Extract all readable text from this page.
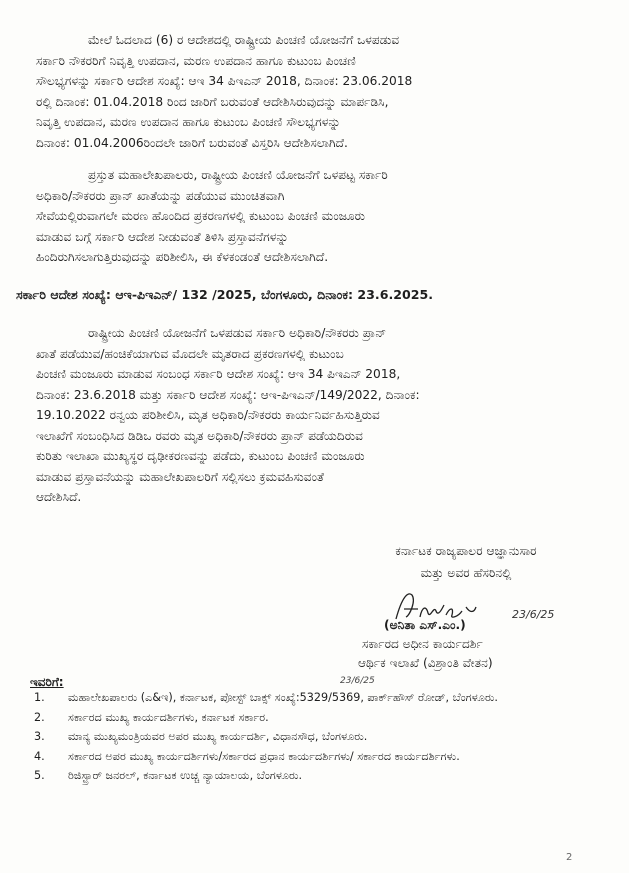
ಮೇಲೆ ಓದಲಾದ (6) ರ ಆದೇಶದಲ್ಲಿ ರಾಷ್ಟ್ರೀಯ ಪಿಂಚಣಿ ಯೋಜನೆಗೆ ಒಳಪಡುವ

ಸರ್ಕಾರಿ ನೌಕರರಿಗೆ ನಿವೃತ್ತಿ ಉಪದಾನ, ಮರಣ ಉಪದಾನ ಹಾಗೂ ಕುಟುಂಬ ಪಿಂಚಣಿ

ಸೌಲಭ್ಯಗಳನ್ನು ಸರ್ಕಾರಿ ಆದೇಶ ಸಂಖ್ಯೆ: ಆಇ 34 ಪಿಇಎನ್ 2018, ದಿನಾಂಕ: 23.06.2018

ರಲ್ಲಿ ದಿನಾಂಕ: 01.04.2018 ರಿಂದ ಜಾರಿಗೆ ಬರುವಂತೆ ಆದೇಶಿಸಿರುವುದನ್ನು ಮಾರ್ಪಡಿಸಿ,

ನಿವೃತ್ತಿ ಉಪದಾನ, ಮರಣ ಉಪದಾನ ಹಾಗೂ ಕುಟುಂಬ ಪಿಂಚಣಿ ಸೌಲಭ್ಯಗಳನ್ನು

ದಿನಾಂಕ: 01.04.2006ರಿಂದಲೇ ಜಾರಿಗೆ ಬರುವಂತೆ ವಿಸ್ತರಿಸಿ ಆದೇಶಿಸಲಾಗಿದೆ.

ಪ್ರಸ್ತುತ ಮಹಾಲೇಖಪಾಲರು, ರಾಷ್ಟ್ರೀಯ ಪಿಂಚಣಿ ಯೋಜನೆಗೆ ಒಳಪಟ್ಟ ಸರ್ಕಾರಿ

ಅಧಿಕಾರಿ/ನೌಕರರು ಪ್ರಾನ್ ಖಾತೆಯನ್ನು ಪಡೆಯುವ ಮುಂಚಿತವಾಗಿ

ಸೇವೆಯಲ್ಲಿರುವಾಗಲೇ ಮರಣ ಹೊಂದಿದ ಪ್ರಕರಣಗಳಲ್ಲಿ ಕುಟುಂಬ ಪಿಂಚಣಿ ಮಂಜೂರು

ಮಾಡುವ ಬಗ್ಗೆ ಸರ್ಕಾರಿ ಆದೇಶ ನೀಡುವಂತೆ ತಿಳಿಸಿ ಪ್ರಸ್ತಾವನೆಗಳನ್ನು

ಹಿಂದಿರುಗಿಸಲಾಗುತ್ತಿರುವುದನ್ನು ಪರಿಶೀಲಿಸಿ, ಈ ಕೆಳಕಂಡಂತೆ ಆದೇಶಿಸಲಾಗಿದೆ.

ಸರ್ಕಾರಿ ಆದೇಶ ಸಂಖ್ಯೆ: ಆಇ-ಪಿಇಎನ್/ 132 /2025, ಬೆಂಗಳೂರು, ದಿನಾಂಕ: 23.6.2025.

ರಾಷ್ಟ್ರೀಯ ಪಿಂಚಣಿ ಯೋಜನೆಗೆ ಒಳಪಡುವ ಸರ್ಕಾರಿ ಅಧಿಕಾರಿ/ನೌಕರರು ಪ್ರಾನ್

ಖಾತೆ ಪಡೆಯುವ/ಹಂಚಿಕೆಯಾಗುವ ಮೊದಲೇ ಮೃತರಾದ ಪ್ರಕರಣಗಳಲ್ಲಿ ಕುಟುಂಬ

ಪಿಂಚಣಿ ಮಂಜೂರು ಮಾಡುವ ಸಂಬಂಧ ಸರ್ಕಾರಿ ಆದೇಶ ಸಂಖ್ಯೆ: ಆಇ 34 ಪಿಇಎನ್ 2018,

ದಿನಾಂಕ: 23.6.2018 ಮತ್ತು ಸರ್ಕಾರಿ ಆದೇಶ ಸಂಖ್ಯೆ: ಆಇ-ಪಿಇಎನ್/149/2022, ದಿನಾಂಕ:

19.10.2022 ರನ್ವಯ ಪರಿಶೀಲಿಸಿ, ಮೃತ ಅಧಿಕಾರಿ/ನೌಕರರು ಕಾರ್ಯನಿರ್ವಹಿಸುತ್ತಿರುವ

ಇಲಾಖೆಗೆ ಸಂಬಂಧಿಸಿದ ಡಿಡಿಒ ರವರು ಮೃತ ಅಧಿಕಾರಿ/ನೌಕರರು ಪ್ರಾನ್ ಪಡೆಯದಿರುವ

ಕುರಿತು ಇಲಾಖಾ ಮುಖ್ಯಸ್ಥರ ದೃಢೀಕರಣವನ್ನು ಪಡೆದು, ಕುಟುಂಬ ಪಿಂಚಣಿ ಮಂಜೂರು

ಮಾಡುವ ಪ್ರಸ್ತಾವನೆಯನ್ನು ಮಹಾಲೇಖಪಾಲರಿಗೆ ಸಲ್ಲಿಸಲು ಕ್ರಮವಹಿಸುವಂತೆ

ಆದೇಶಿಸಿದೆ.

ಕರ್ನಾಟಕ ರಾಜ್ಯಪಾಲರ ಆಜ್ಞಾನುಸಾರ
ಮತ್ತು ಅವರ ಹೆಸರಿನಲ್ಲಿ
23/6/25
(ಅನಿತಾ ಎಸ್.ಎಂ.)
ಸರ್ಕಾರದ ಅಧೀನ ಕಾರ್ಯದರ್ಶಿ
ಆರ್ಥಿಕ ಇಲಾಖೆ (ವಿಶ್ರಾಂತಿ ವೇತನ)
23/6/25
ಇವರಿಗೆ:
1. ಮಹಾಲೇಖಪಾಲರು (ಎ&ಇ), ಕರ್ನಾಟಕ, ಪೋಸ್ಟ್ ಬಾಕ್ಸ್ ಸಂಖ್ಯೆ:5329/5369, ಪಾರ್ಕ್‌ಹೌಸ್ ರೋಡ್, ಬೆಂಗಳೂರು.
2. ಸರ್ಕಾರದ ಮುಖ್ಯ ಕಾರ್ಯದರ್ಶಿಗಳು, ಕರ್ನಾಟಕ ಸರ್ಕಾರ.
3. ಮಾನ್ಯ ಮುಖ್ಯಮಂತ್ರಿಯವರ ಅಪರ ಮುಖ್ಯ ಕಾರ್ಯದರ್ಶಿ, ವಿಧಾನಸೌಧ, ಬೆಂಗಳೂರು.
4. ಸರ್ಕಾರದ ಅಪರ ಮುಖ್ಯ ಕಾರ್ಯದರ್ಶಿಗಳು/ಸರ್ಕಾರದ ಪ್ರಧಾನ ಕಾರ್ಯದರ್ಶಿಗಳು/ ಸರ್ಕಾರದ ಕಾರ್ಯದರ್ಶಿಗಳು.
5. ರಿಜಿಸ್ಟ್ರಾರ್ ಜನರಲ್, ಕರ್ನಾಟಕ ಉಚ್ಚ ನ್ಯಾಯಾಲಯ, ಬೆಂಗಳೂರು.
2
